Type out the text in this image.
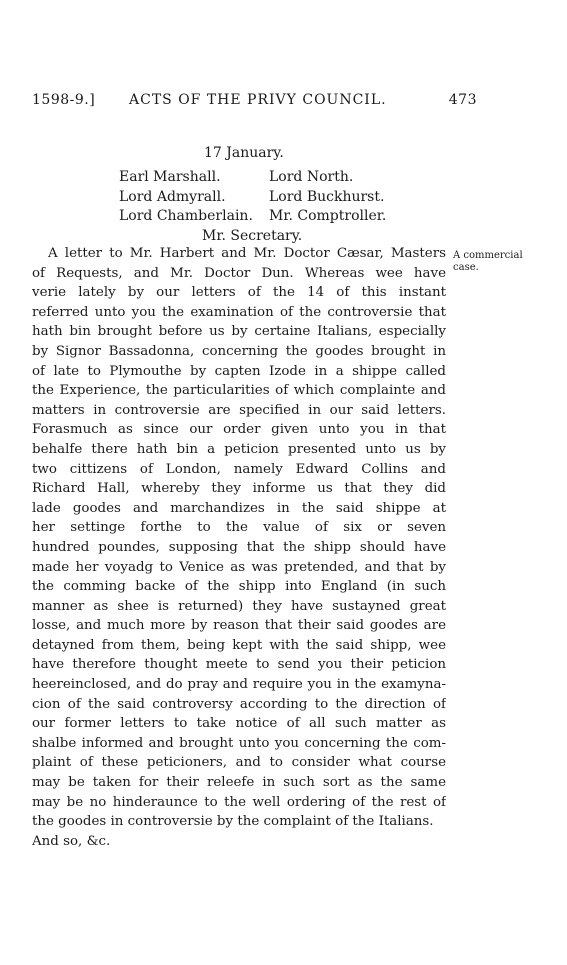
1598-9.] ACTS OF THE PRIVY COUNCIL.	473
17 January.
Earl Marshall.	Lord North.
Lord Admyrall.	Lord Buckhurst.
Lord Chamberlain. Mr. Comptroller.
Mr. Secretary.
A commercial case.
A letter to Mr. Harbert and Mr. Doctor Cæsar, Masters
of Requests, and Mr. Doctor Dun. Whereas wee have
verie lately by our letters of the 14 of this instant
referred unto you the examination of the controversie that
hath bin brought before us by certaine Italians, especially
by Signor Bassadonna, concerning the goodes brought in
of late to Plymouthe by capten Izode in a shippe called
the Experience, the particularities of which complainte and
matters in controversie are specified in our said letters.
Forasmuch as since our order given unto you in that
behalfe there hath bin a peticion presented unto us by
two cittizens of London, namely Edward Collins and
Richard Hall, whereby they informe us that they did
lade goodes and marchandizes in the said shippe at
her settinge forthe to the value of six or seven
hundred poundes, supposing that the shipp should have
made her voyadg to Venice as was pretended, and that by
the comming backe of the shipp into England (in such
manner as shee is returned) they have sustayned great
losse, and much more by reason that their said goodes are
detayned from them, being kept with the said shipp, wee
have therefore thought meete to send you their peticion
heereinclosed, and do pray and require you in the examyna-
cion of the said controversy according to the direction of
our former letters to take notice of all such matter as
shalbe informed and brought unto you concerning the com-
plaint of these peticioners, and to consider what course
may be taken for their releefe in such sort as the same
may be no hinderaunce to the well ordering of the rest of
the goodes in controversie by the complaint of the Italians.
And so, &c.
